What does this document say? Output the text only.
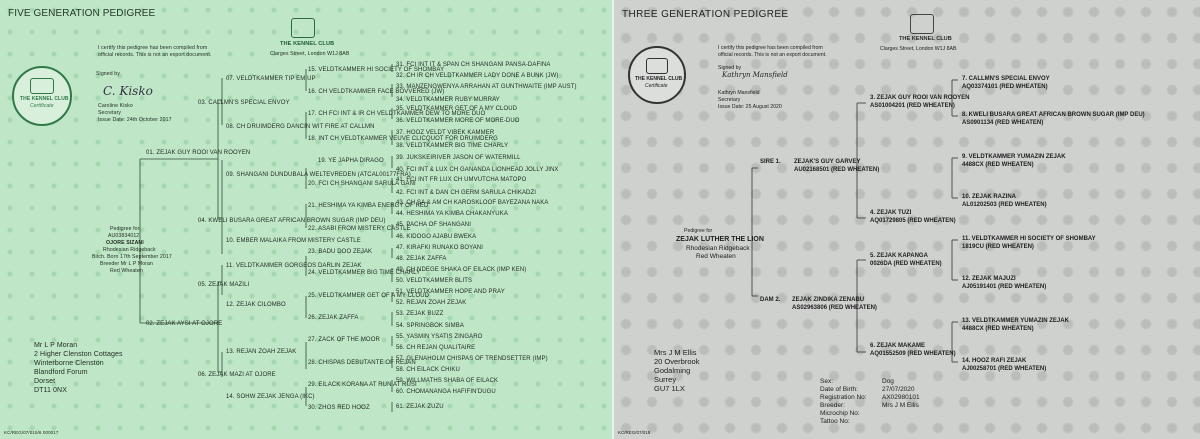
FIVE GENERATION PEDIGREE
THE KENNEL CLUB
Clarges Street, London W1J 8AB
I certify this pedigree has been compiled from
official records. This is not an export document.
Signed by
C. Kisko
Caroline Kisko
Secretary
Issue Date: 24th October 2017
THE KENNEL CLUB
Certificate
Pedigree for
AU03834012
OJORE SIZANI
Rhodesian Ridgeback
Bitch. Born 17th September 2017
Breeder Mr L P Moran
Red Wheaten
Mr L P Moran
2 Higher Clenston Cottages
Winterborne Clenston
Blandford Forum
Dorset
DT11 0NX
KC/REG/07/015/6 000017
01. ZEJAK GUY ROOI VAN ROOYEN
02. ZEJAK AYSI AT OJORE
03. CALLMN'S SPECIAL ENVOY
04. KWELI BUSARA GREAT AFRICAN BROWN SUGAR (IMP DEU)
05. ZEJAK MAZILI
06. ZEJAK MAZI AT OJORE
07. VELDTKAMMER TIP EM UP
08. CH DRUIMDERG DANCIN WIT FIRE AT CALLMN
09. SHANGANI DUNDUBALA WELTEVREDEN (ATCAL00177FRA)
10. EMBER MALAIKA FROM MISTERY CASTLE
11. VELDTKAMMER GORGEOS DARLIN ZEJAK
12. ZEJAK CILOMBO
13. REJAN ZOAH ZEJAK
14. SOHW ZEJAK JENGA (IKC)
15. VELDTKAMMER HI SOCIETY OF SHOMBAY
16. CH VELDTKAMMER FACE BOVVERED (JW)
17. CH FCI INT & IR CH VELDTKAMMER DEW TO MORE DUO
18. INT CH VELDTKAMMER VEUVE CLICQUOT FOR DRUIMDERG
19. YE JAPHA DIRAGO
20. FCI CH SHANGANI SARULA GANI
21. HESHIMA YA KIMBA ENERGY OF RED
22. ASABI FROM MISTERY CASTLE
23. BADU DOO ZEJAK
24. VELDTKAMMER BIG TIME CHARLY
25. VELDTKAMMER GET OF A MY CLOUD
26. ZEJAK ZAFFA
27. ZACK OF THE MOOR
28. CHISPAS DEBUTANTE OF REJAN
29. EILACK KORANA AT RUN AT RUSI
30. ZHOS RED HOOZ
31. FCI INT IT & SPAN CH SHANGANI PANSA-DAFINA
32. CH IR CH VELDTKAMMER LADY DONE A BUNK (JW)
33. MANZENGWENYA ARRAHAN AT GUNTHWAITE (IMP AUST)
34. VELDTKAMMER RUBY MURRAY
35. VELDTKAMMER GET OF A MY CLOUD
36. VELDTKAMMER MORE OF MORE-DUO
37. HOOZ VELDT VIBEK KAMMER
38. VELDTKAMMER BIG TIME CHARLY
39. JUKSKEIRIVER JASON OF WATERMILL
40. FCI INT & LUX CH GANANDA LIONHEAD JOLLY JINX
41. FCI INT FR LUX CH UMVUTCHA MATOPO
42. FCI INT & DAN CH GERM SARULA CHIKADZI
43. CH SA & AM CH KAROSKLOOF BAYEZANA NAKA
44. HESHIMA YA KIMBA CHAKANYUKA
45. PACHA OF SHANGANI
46. KIDOGO AJABU BWEKA
47. KIRAFKI RUNAKO BOYANI
48. ZEJAK ZAFFA
49. CH NDEGE SHAKA OF EILACK (IMP KEN)
50. VELDTKAMMER BLITS
51. VELDTKAMMER HOPE AND PRAY
52. REJAN ZOAH ZEJAK
53. ZEJAK BUZZ
54. SPRINGBOK SIMBA
55. YASMIN YSATIS ZINGARO
56. CH REJAN QUALITAIRE
57. GLENAHOLM CHISPAS OF TRENDSETTER (IMP)
58. CH EILACK CHIKU
59. WILLMATHS SHABA OF EILACK
60. CHOMANANGA HAFIFIN'DUGU
61. ZEJAK ZUZU
THREE GENERATION PEDIGREE
THE KENNEL CLUB
Clarges Street, London W1J 8AB
I certify this pedigree has been compiled from
official records. This is not an export document.
Signed by
Kathryn Mansfield
Kathryn Mansfield
Secretary
Issue Date: 25 August 2020
THE KENNEL CLUB
Certificate
Pedigree for
ZEJAK LUTHER THE LION
Rhodesian Ridgeback
Red Wheaten
SIRE 1. ZEJAK'S GUY GARVEY
AU02168501 (RED WHEATEN)
DAM 2. ZEJAK ZINDIKA ZENABU
AS02963806 (RED WHEATEN)
3. ZEJAK GUY ROOI VAN ROOYEN
AS01004201 (RED WHEATEN)
4. ZEJAK TUZI
AQ01729805 (RED WHEATEN)
5. ZEJAK KAPANGA
0026DA (RED WHEATEN)
6. ZEJAK MAKAME
AQ01552509 (RED WHEATEN)
7. CALLMN'S SPECIAL ENVOY
AQ03374101 (RED WHEATEN)
8. KWELI BUSARA GREAT AFRICAN BROWN SUGAR (IMP DEU)
AS0901134 (RED WHEATEN)
9. VELDTKAMMER YUMAZIN ZEJAK
4488CX (RED WHEATEN)
10. ZEJAK RAZINA
AL01202503 (RED WHEATEN)
11. VELDTKAMMER HI SOCIETY OF SHOMBAY
1819CU (RED WHEATEN)
12. ZEJAK MAJUZI
AJ05191401 (RED WHEATEN)
13. VELDTKAMMER YUMAZIN ZEJAK
4488CX (RED WHEATEN)
14. HOOZ RAFI ZEJAK
AJ00258701 (RED WHEATEN)
Mrs J M Ellis
20 Overbrook
Godalming
Surrey
GU7 1LX
Sex:
Date of Birth:
Registration No:
Breeder:
Microchip No:
Tattoo No:
Dog
27/07/2020
AX02980101
Mrs J M Ellis
KC/REG/07/018
